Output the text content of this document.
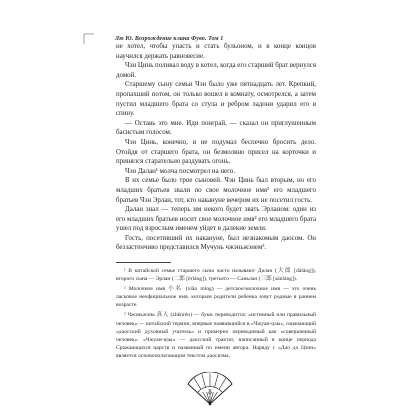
Лю Ю. Возрождение клана Фуво. Том 1

не хотел, чтобы упасть и стать бульоном, и в конце концов научился держать равновесие.

Чэн Цинь поливал воду в котел, когда его старший брат вернулся домой.

Старшему сыну семьи Чэн было уже пятнадцать лет. Крепкий, пропахший потом, он только вошел в комнату, осмотрелся, а затем пустил младшего брата со стула и ребром ладони ударил его в спину.

— Оставь это мне. Иди поиграй, — сказал он приглушенным басистым голосом.

Чэн Цинь, конечно, и не подумал беспечно бросить дело. Отойдя от старшего брата, он безмолвно присел на корточки и принялся старательно раздувать огонь.

Чэн Далан¹ молча посмотрел на него.

В их семье было трое сыновей. Чэн Цинь был вторым, но его младших братьев звали по свое молочное имя² его младшего братьев Чэн Эрлан, тот, кто накануне вечером их не посетил гость.

Далан знал — теперь им некого будет звать Эрланом: один из его младших братьев носит свое молочное имя² его младшего брата ушел под взрослым именем уйдет в далекие земли.

Гость, посетивший их накануне, был незнакомым даосом. Он беззастенчиво представился Мучунь чжэньжэнем³.

¹ В китайской семье старшего сына часто называют Далан (大郎 [dàláng]), второго сына — Эрлан (二郎 [èrláng]), третьего — Саньлан (三郎 [sānláng]).

² Молочное имя 小名 (xiǎo míng) — детское/молочное имя — это очень ласковое неофициальное имя, которым родители ребенка зовут родные в раннем возрасте.

³ Чжэньжэнь 真人 (zhēnrén) — букв. переводится: «истинный или правильный человек» — китайский термин, впервые появившийся в «Чжуан-цзы», означающий «даосский духовный учитель» и примерно переводимый как «совершенный человек». «Чжуан-цзы» — даосский трактат, написанный в конце периода Сражающихся царств и названный по имени автора. Наряду с «Дао дэ Цзин» является основополагающим текстом даосизма.

8
